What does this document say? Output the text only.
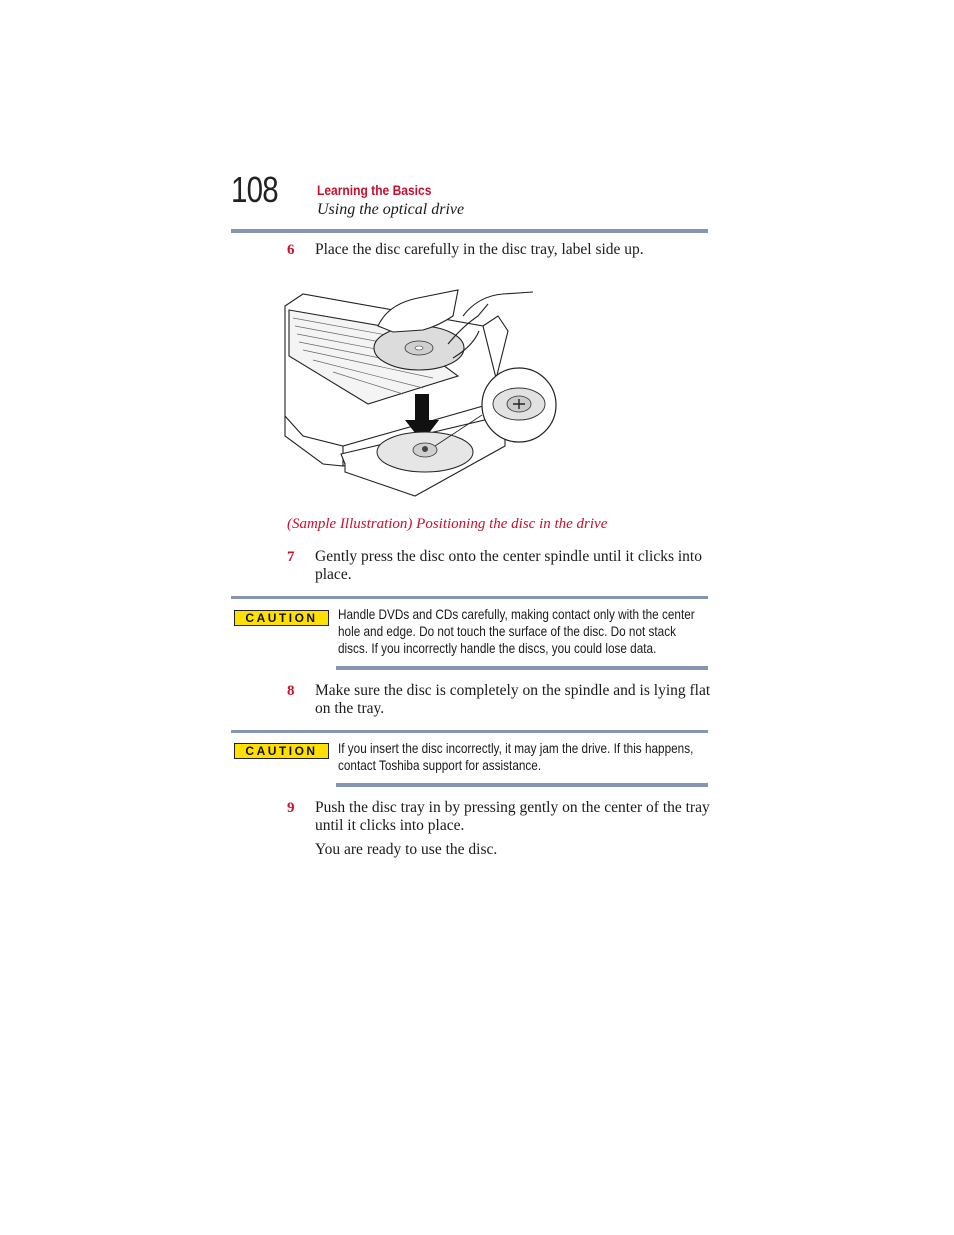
108	Learning the Basics
Using the optical drive
6 Place the disc carefully in the disc tray, label side up.
(Sample Illustration) Positioning the disc in the drive
7 Gently press the disc onto the center spindle until it clicks into place.
CAUTION	Handle DVDs and CDs carefully, making contact only with the center hole and edge. Do not touch the surface of the disc. Do not stack discs. If you incorrectly handle the discs, you could lose data.
8 Make sure the disc is completely on the spindle and is lying flat on the tray.
CAUTION	If you insert the disc incorrectly, it may jam the drive. If this happens, contact Toshiba support for assistance.
9 Push the disc tray in by pressing gently on the center of the tray until it clicks into place.
You are ready to use the disc.
